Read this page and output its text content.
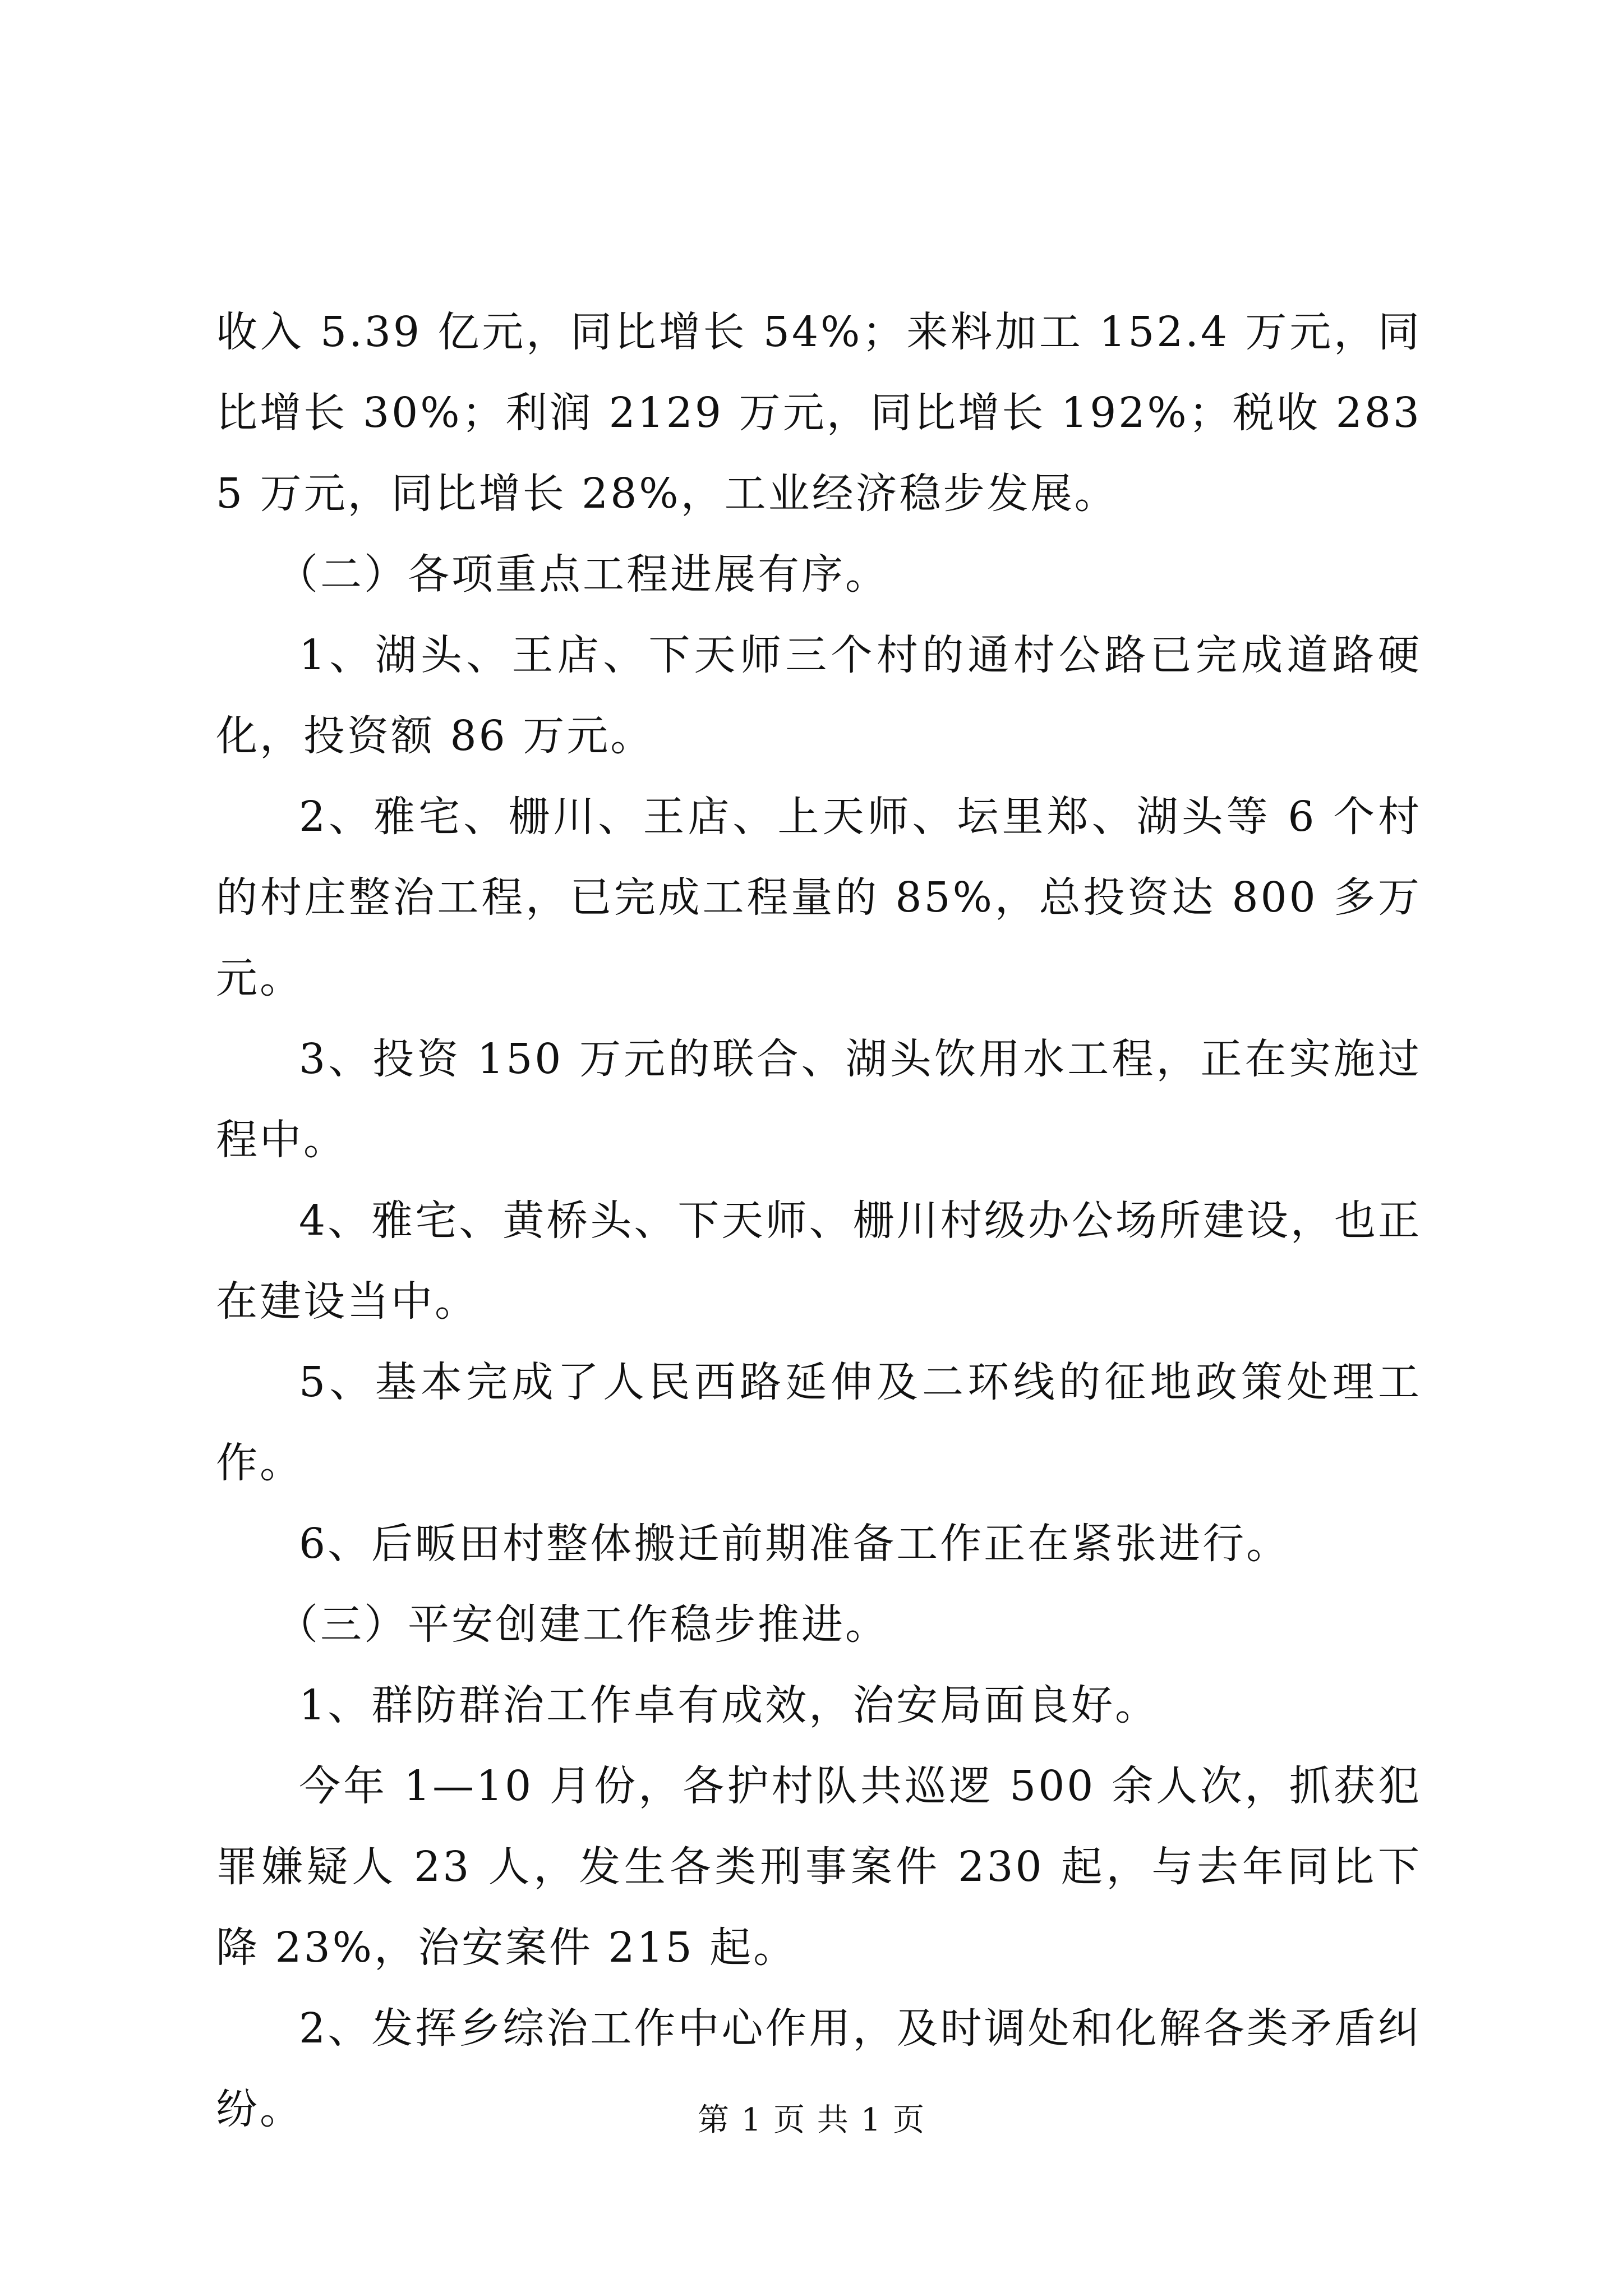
收入 5.39 亿元，同比增长 54%；来料加工 152.4 万元，同比增长 30%；利润 2129 万元，同比增长 192%；税收 2835 万元，同比增长 28%，工业经济稳步发展。

（二）各项重点工程进展有序。

1、湖头、王店、下天师三个村的通村公路已完成道路硬化，投资额 86 万元。

2、雅宅、栅川、王店、上天师、坛里郑、湖头等 6 个村的村庄整治工程，已完成工程量的 85%，总投资达 800 多万元。

3、投资 150 万元的联合、湖头饮用水工程，正在实施过程中。

4、雅宅、黄桥头、下天师、栅川村级办公场所建设，也正在建设当中。

5、基本完成了人民西路延伸及二环线的征地政策处理工作。

6、后畈田村整体搬迁前期准备工作正在紧张进行。

（三）平安创建工作稳步推进。

1、群防群治工作卓有成效，治安局面良好。

今年 1—10 月份，各护村队共巡逻 500 余人次，抓获犯罪嫌疑人 23 人，发生各类刑事案件 230 起，与去年同比下降 23%，治安案件 215 起。

2、发挥乡综治工作中心作用，及时调处和化解各类矛盾纠纷。	第 1 页 共 1 页
